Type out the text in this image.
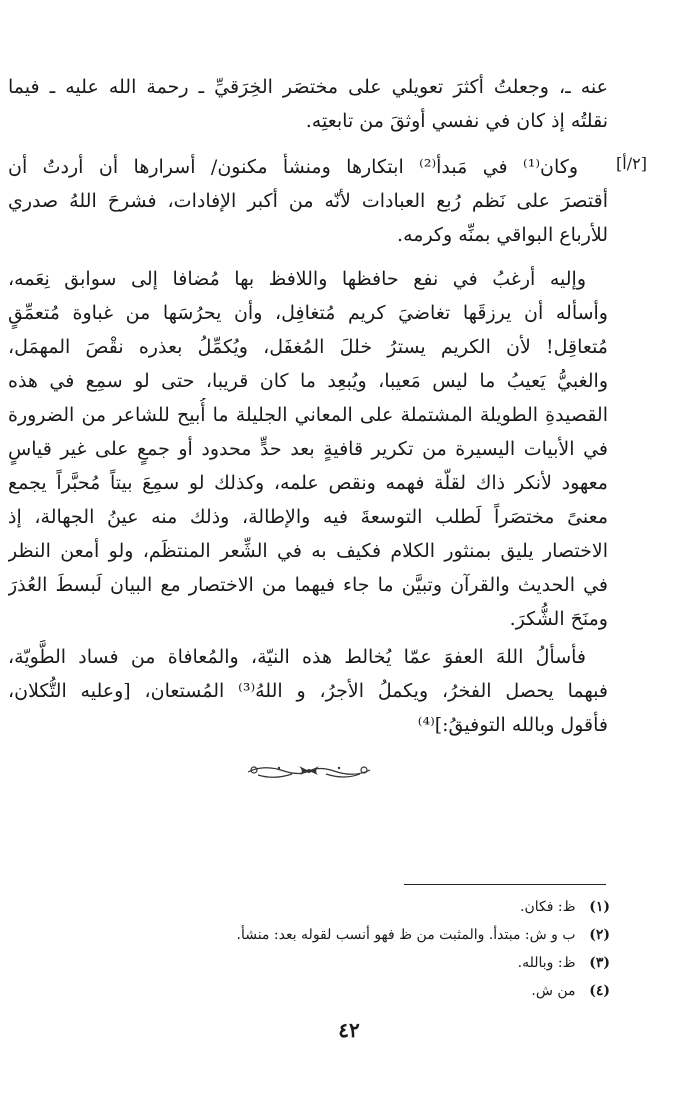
عنه ـ، وجعلتُ أكثرَ تعويلي على مختصَر الخِرَقيِّ ـ رحمة الله عليه ـ فيما
نقلتُه إذ كان في نفسي أوثقَ من تابعتِه.
[٢/أ]
وكان⁽¹⁾ في مَبدأ⁽²⁾ ابتكارها ومنشأ مكنون/ أسرارها أن أردتُ أن
أقتصرَ على نَظم رُبع العبادات لأنّه من أكبر الإفادات، فشرحَ اللهُ صدري
للأرباع البواقي بمنِّه وكرمه.
وإليه أرغبُ في نفع حافظها واللافظ بها مُضافا إلى سوابق نِعَمه،
وأسأله أن يرزقَها تغاضيَ كريم مُتغافِل، وأن يحرُسَها من غباوة مُتعمِّقٍ
مُتعاقِل! لأن الكريم يسترُ خللَ المُغفَل، ويُكمِّلُ بعذره نقْصَ المهمَل،
والغبيُّ يَعيبُ ما ليس مَعيبا، ويُبعِد ما كان قريبا، حتى لو سمِع في هذه
القصيدةِ الطويلة المشتملة على المعاني الجليلة ما أُبيح للشاعر من الضرورة
في الأبيات اليسيرة من تكرير قافيةٍ بعد حدٍّ محدود أو جمعٍ على غير قياسٍ
معهود لأنكر ذاك لقلّة فهمه ونقص علمه، وكذلك لو سمِعَ بيتاً مُحبَّراً يجمع
معنىً مختصَراً لَطلب التوسعةَ فيه والإطالة، وذلك منه عينُ الجهالة، إذ
الاختصار يليق بمنثور الكلام فكيف به في الشِّعر المنتظَم، ولو أمعن النظر
في الحديث والقرآن وتبيَّن ما جاء فيهما من الاختصار مع البيان لَبسطَ العُذرَ
ومنَحَ الشُّكرَ.
فأسألُ اللهَ العفوَ عمّا يُخالط هذه النيّة، والمُعافاة من فساد الطَّويّة،
فبهما يحصل الفخرُ، ويكملُ الأجرُ، و اللهُ⁽³⁾ المُستعان، [وعليه التُّكلان،
فأقول وبالله التوفيقُ:]⁽⁴⁾
(١) ظ: فكان.
(٢) ب و ش: مبتدأ. والمثبت من ظ فهو أنسب لقوله بعد: منشأ.
(٣) ظ: وبالله.
(٤) من ش.
٤٢
